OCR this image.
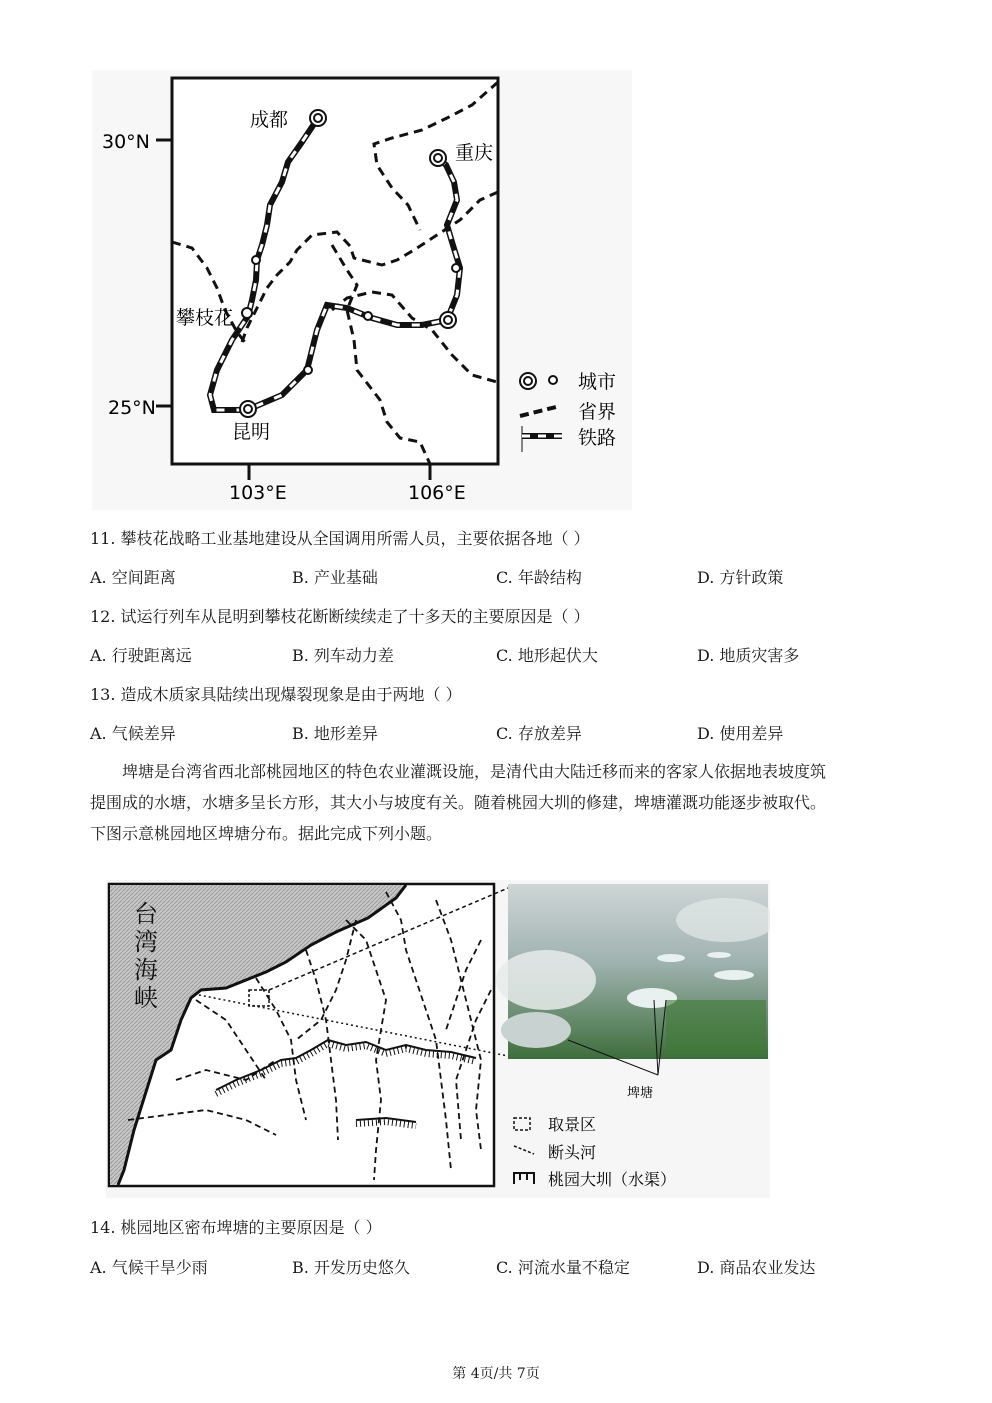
30°N
25°N
103°E	106°E
成都
重庆
攀枝花
昆明
城市
省界
铁路
11. 攀枝花战略工业基地建设从全国调用所需人员，主要依据各地（ ）
A. 空间距离	B. 产业基础	C. 年龄结构	D. 方针政策
12. 试运行列车从昆明到攀枝花断断续续走了十多天的主要原因是（ ）
A. 行驶距离远	B. 列车动力差	C. 地形起伏大	D. 地质灾害多
13. 造成木质家具陆续出现爆裂现象是由于两地（ ）
A. 气候差异	B. 地形差异	C. 存放差异	D. 使用差异

埤塘是台湾省西北部桃园地区的特色农业灌溉设施，是清代由大陆迁移而来的客家人依据地表坡度筑

提围成的水塘，水塘多呈长方形，其大小与坡度有关。随着桃园大圳的修建，埤塘灌溉功能逐步被取代。

下图示意桃园地区埤塘分布。据此完成下列小题。

台
湾
海
峡
埤塘
取景区
断头河
桃园大圳（水渠）
14. 桃园地区密布埤塘的主要原因是（ ）
A. 气候干旱少雨	B. 开发历史悠久	C. 河流水量不稳定	D. 商品农业发达
第 4页/共 7页
